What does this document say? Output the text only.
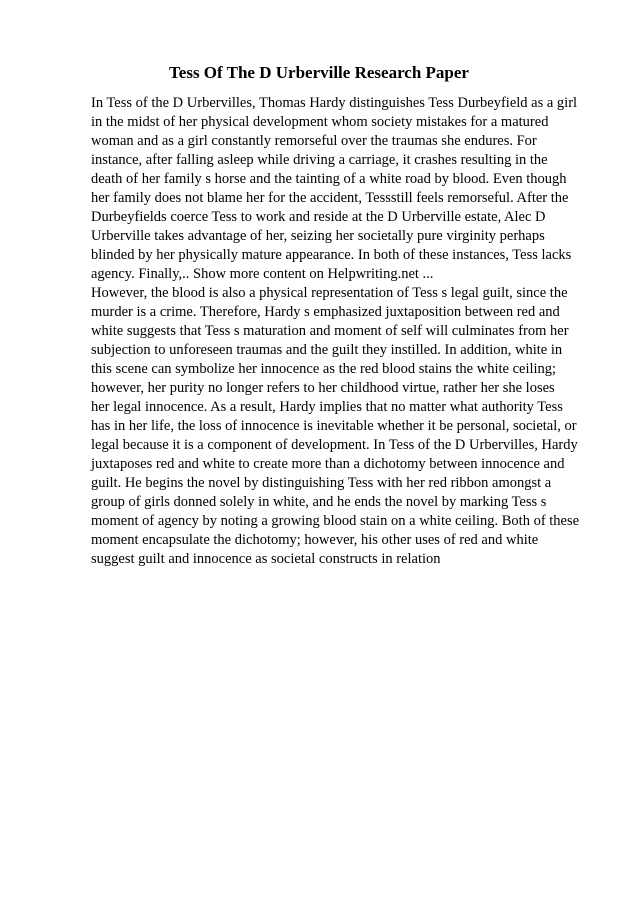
Tess Of The D Urberville Research Paper

In Tess of the D Urbervilles, Thomas Hardy distinguishes Tess Durbeyfield as a girl
in the midst of her physical development whom society mistakes for a matured
woman and as a girl constantly remorseful over the traumas she endures. For
instance, after falling asleep while driving a carriage, it crashes resulting in the
death of her family s horse and the tainting of a white road by blood. Even though
her family does not blame her for the accident, Tessstill feels remorseful. After the
Durbeyfields coerce Tess to work and reside at the D Urberville estate, Alec D
Urberville takes advantage of her, seizing her societally pure virginity perhaps
blinded by her physically mature appearance. In both of these instances, Tess lacks
agency. Finally,.. Show more content on Helpwriting.net ...

However, the blood is also a physical representation of Tess s legal guilt, since the
murder is a crime. Therefore, Hardy s emphasized juxtaposition between red and
white suggests that Tess s maturation and moment of self will culminates from her
subjection to unforeseen traumas and the guilt they instilled. In addition, white in
this scene can symbolize her innocence as the red blood stains the white ceiling;
however, her purity no longer refers to her childhood virtue, rather her she loses
her legal innocence. As a result, Hardy implies that no matter what authority Tess
has in her life, the loss of innocence is inevitable whether it be personal, societal, or
legal because it is a component of development. In Tess of the D Urbervilles, Hardy
juxtaposes red and white to create more than a dichotomy between innocence and
guilt. He begins the novel by distinguishing Tess with her red ribbon amongst a
group of girls donned solely in white, and he ends the novel by marking Tess s
moment of agency by noting a growing blood stain on a white ceiling. Both of these
moment encapsulate the dichotomy; however, his other uses of red and white
suggest guilt and innocence as societal constructs in relation
